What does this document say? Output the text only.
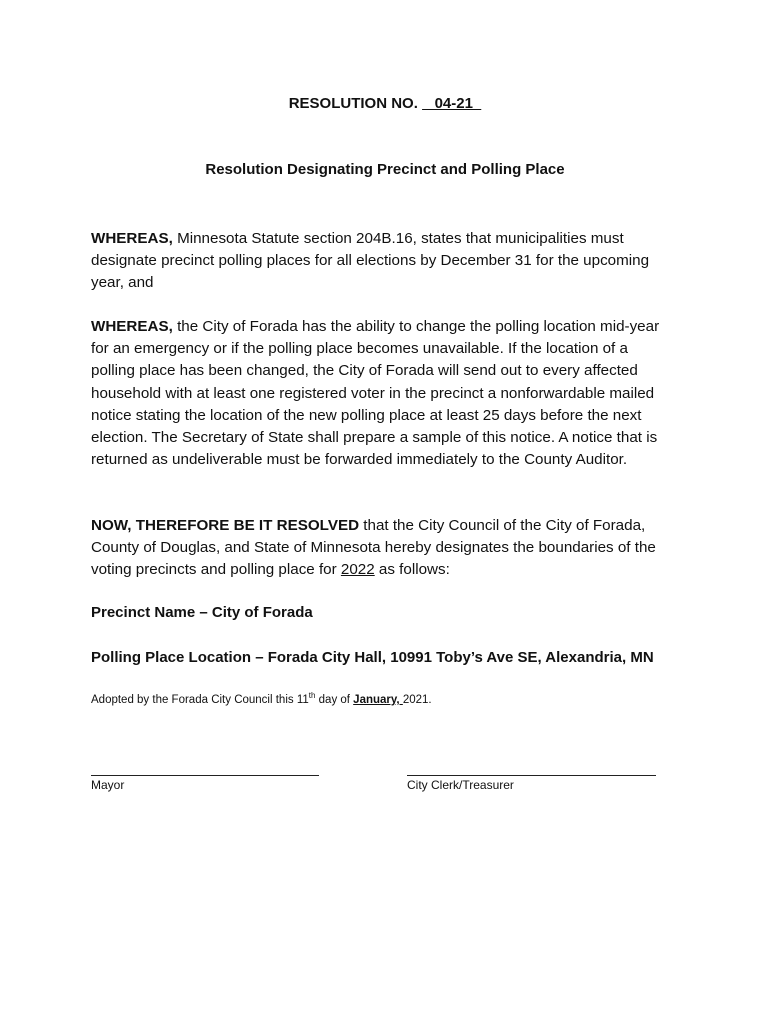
RESOLUTION NO.    04-21
Resolution Designating Precinct and Polling Place
WHEREAS, Minnesota Statute section 204B.16, states that municipalities must designate precinct polling places for all elections by December 31 for the upcoming year, and
WHEREAS, the City of Forada has the ability to change the polling location mid-year for an emergency or if the polling place becomes unavailable. If the location of a polling place has been changed, the City of Forada will send out to every affected household with at least one registered voter in the precinct a nonforwardable mailed notice stating the location of the new polling place at least 25 days before the next election. The Secretary of State shall prepare a sample of this notice. A notice that is returned as undeliverable must be forwarded immediately to the County Auditor.
NOW, THEREFORE BE IT RESOLVED that the City Council of the City of Forada, County of Douglas, and State of Minnesota hereby designates the boundaries of the voting precincts and polling place for 2022 as follows:
Precinct Name – City of Forada
Polling Place Location – Forada City Hall, 10991 Toby’s Ave SE, Alexandria, MN
Adopted by the Forada City Council this 11th day of January, 2021.
Mayor	City Clerk/Treasurer
